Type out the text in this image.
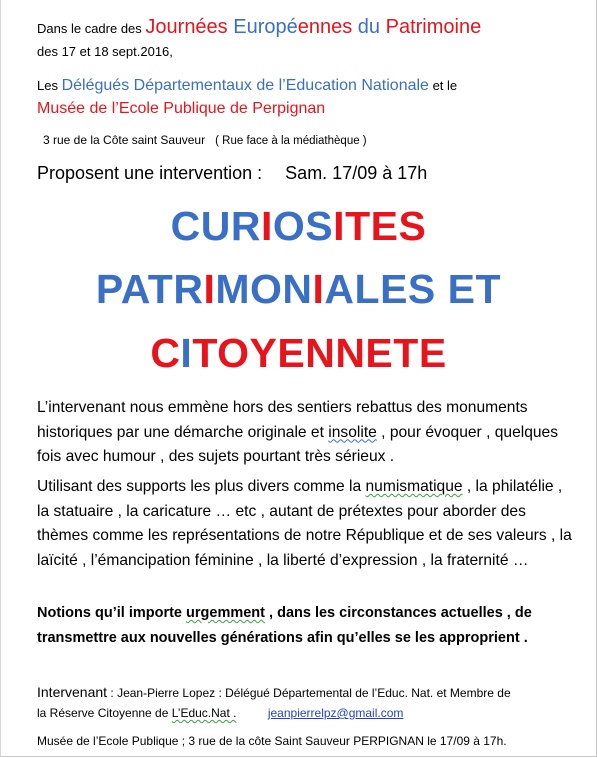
Dans le cadre des Journées Européennes du Patrimoine
des 17 et 18 sept.2016,
Les Délégués Départementaux de l’Education Nationale et le
Musée de l’Ecole Publique de Perpignan
3 rue de la Côte saint Sauveur ( Rue face à la médiathèque )
Proposent une intervention : Sam. 17/09 à 17h
CURIOSITES
PATRIMONIALES ET
CITOYENNETE
L’intervenant nous emmène hors des sentiers rebattus des monuments historiques par une démarche originale et insolite , pour évoquer , quelques fois avec humour , des sujets pourtant très sérieux .
Utilisant des supports les plus divers comme la numismatique , la philatélie , la statuaire , la caricature … etc , autant de prétextes pour aborder des thèmes comme les représentations de notre République et de ses valeurs , la laïcité , l’émancipation féminine , la liberté d’expression , la fraternité …
Notions qu’il importe urgemment , dans les circonstances actuelles , de transmettre aux nouvelles générations afin qu’elles se les approprient .
Intervenant : Jean-Pierre Lopez : Délégué Départemental de l’Educ. Nat. et Membre de
la Réserve Citoyenne de L’Educ.Nat .	jeanpierrelpz@gmail.com
Musée de l’Ecole Publique ; 3 rue de la côte Saint Sauveur PERPIGNAN le 17/09 à 17h.
